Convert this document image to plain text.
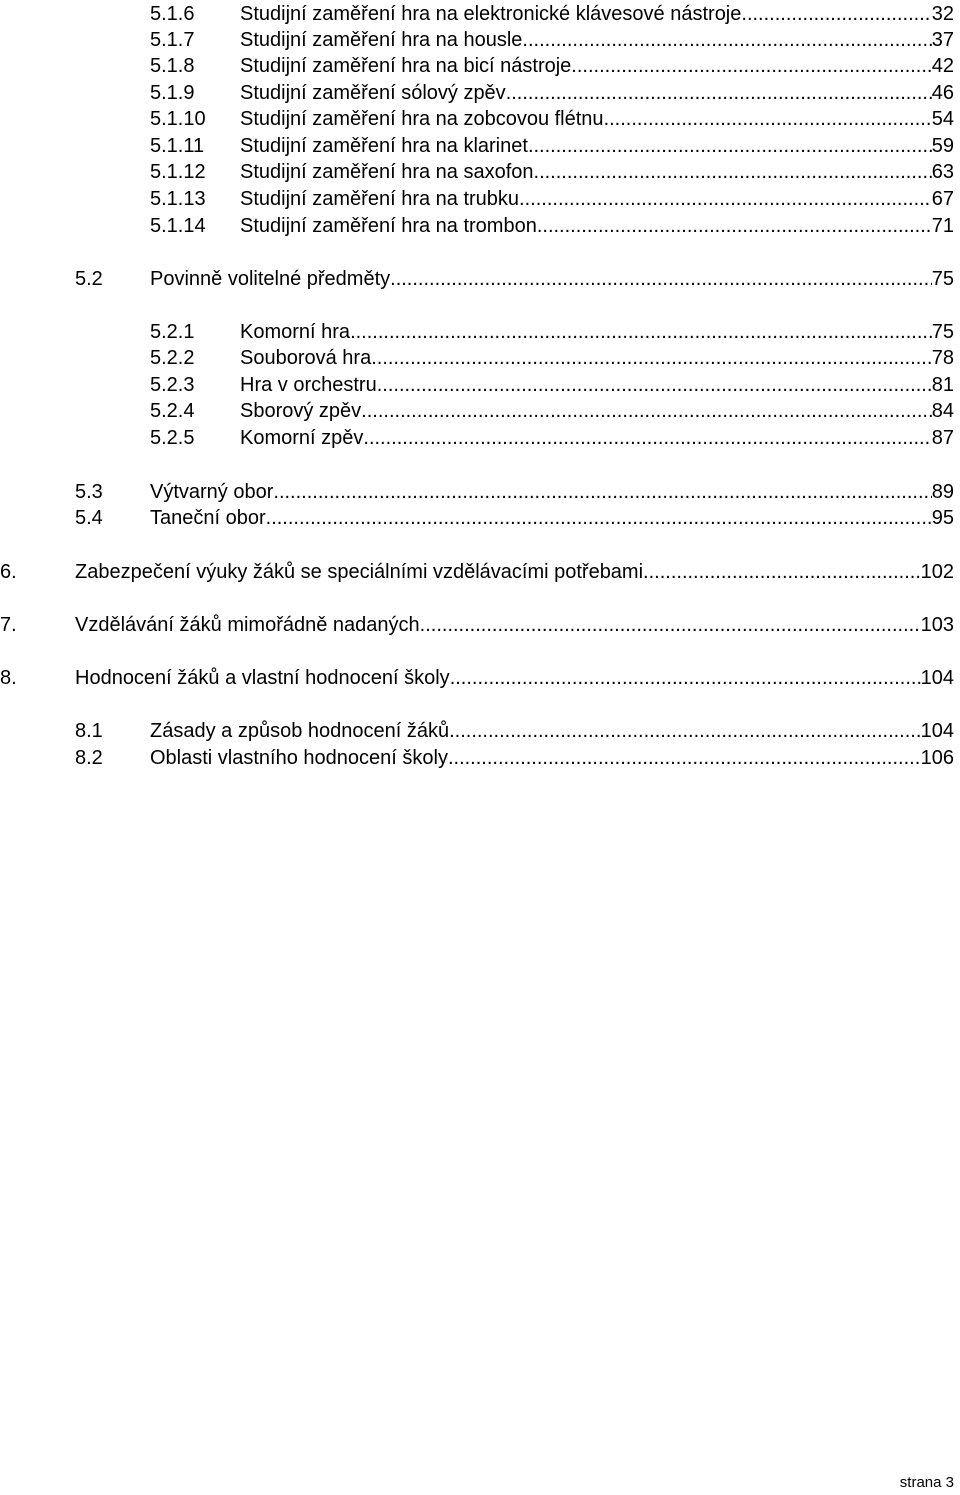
5.1.6	Studijní zaměření hra na elektronické klávesové nástroje .....	32
5.1.7	Studijní zaměření hra na housle .....	37
5.1.8	Studijní zaměření hra na bicí nástroje .....	42
5.1.9	Studijní zaměření sólový zpěv .....	46
5.1.10	Studijní zaměření hra na zobcovou flétnu .....	54
5.1.11	Studijní zaměření hra na klarinet .....	59
5.1.12	Studijní zaměření hra na saxofon .....	63
5.1.13	Studijní zaměření hra na trubku .....	67
5.1.14	Studijní zaměření hra na trombon .....	71
5.2	Povinně volitelné předměty .....	75
5.2.1	Komorní hra .....	75
5.2.2	Souborová hra .....	78
5.2.3	Hra v orchestru .....	81
5.2.4	Sborový zpěv .....	84
5.2.5	Komorní zpěv .....	87
5.3	Výtvarný obor .....	89
5.4	Taneční obor .....	95
6.	Zabezpečení výuky žáků se speciálními vzdělávacími potřebami .....	102
7.	Vzdělávání žáků mimořádně nadaných .....	103
8.	Hodnocení žáků a vlastní hodnocení školy .....	104
8.1	Zásady a způsob hodnocení žáků .....	104
8.2	Oblasti vlastního hodnocení školy .....	106
strana 3
